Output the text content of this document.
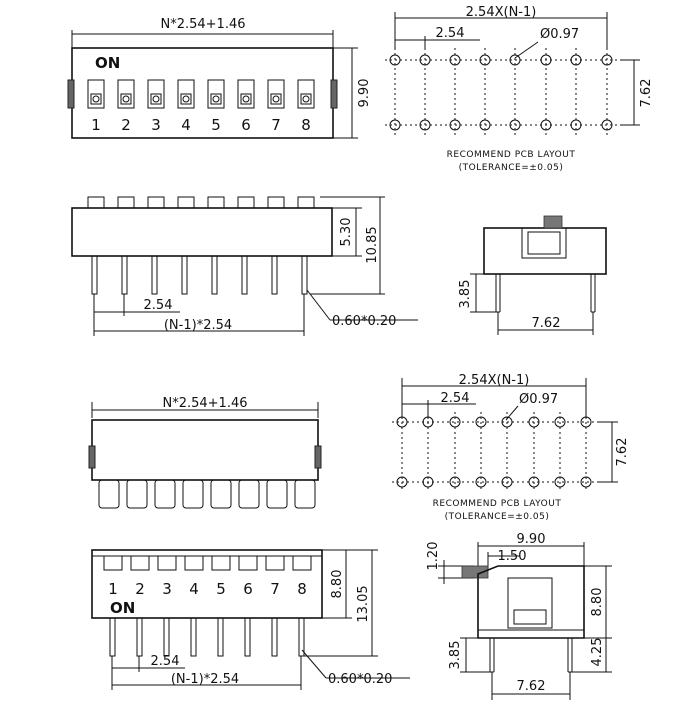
N*2.54+1.46
ON
1 2 3 4 5 6 7 8
9.90
2.54X(N-1)
2.54	Ø0.97
7.62
RECOMMEND PCB LAYOUT
(TOLERANCE=±0.05)
5.30 10.85
2.54
(N-1)*2.54	0.60*0.20
3.85
7.62
N*2.54+1.46
2.54X(N-1)
2.54	Ø0.97
7.62
RECOMMEND PCB LAYOUT
(TOLERANCE=±0.05)
1 2 3 4 5 6 7 8
ON
8.80
13.05
2.54
(N-1)*2.54	0.60*0.20
9.90
1.50
1.20
8.80
3.85	4.25
7.62
